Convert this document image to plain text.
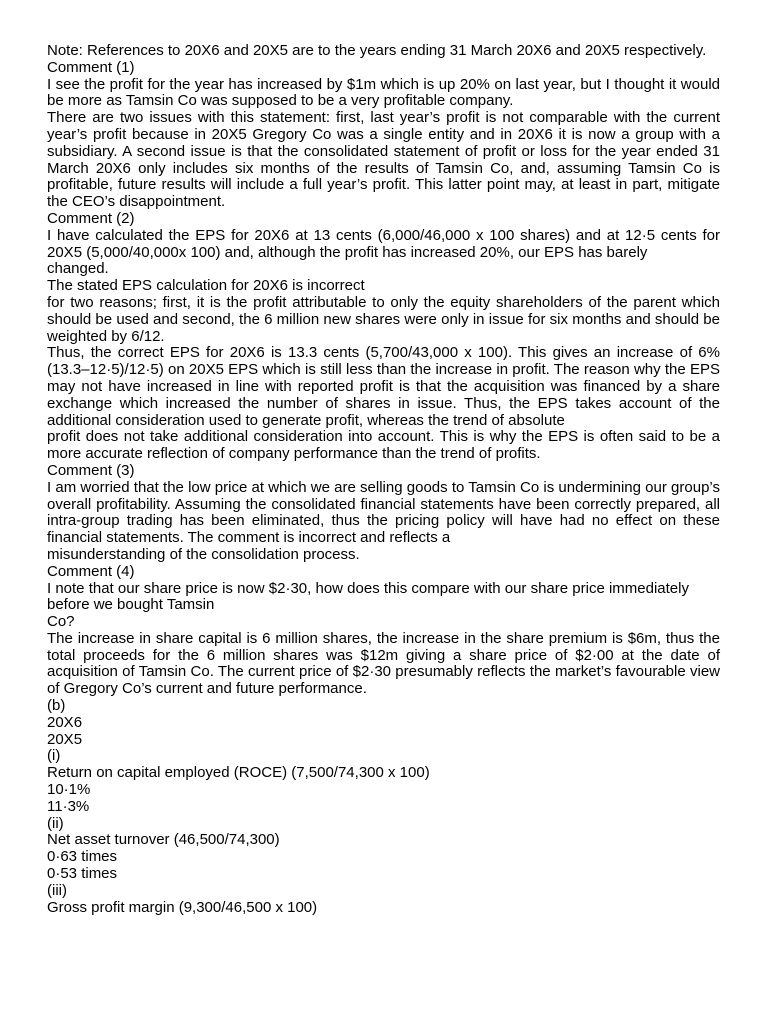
Note: References to 20X6 and 20X5 are to the years ending 31 March 20X6 and 20X5 respectively.

Comment (1)

I see the profit for the year has increased by $1m which is up 20% on last year, but I thought it would be more as Tamsin Co was supposed to be a very profitable company.

There are two issues with this statement: first, last year’s profit is not comparable with the current year’s profit because in 20X5 Gregory Co was a single entity and in 20X6 it is now a group with a subsidiary. A second issue is that the consolidated statement of profit or loss for the year ended 31 March 20X6 only includes six months of the results of Tamsin Co, and, assuming Tamsin Co is profitable, future results will include a full year’s profit. This latter point may, at least in part, mitigate the CEO’s disappointment.

Comment (2)

I have calculated the EPS for 20X6 at 13 cents (6,000/46,000 x 100 shares) and at 12·5 cents for 20X5 (5,000/40,000x 100) and, although the profit has increased 20%, our EPS has barely

changed.

The stated EPS calculation for 20X6 is incorrect

for two reasons; first, it is the profit attributable to only the equity shareholders of the parent which should be used and second, the 6 million new shares were only in issue for six months and should be weighted by 6/12.

Thus, the correct EPS for 20X6 is 13.3 cents (5,700/43,000 x 100). This gives an increase of 6% (13.3–12·5)/12·5) on 20X5 EPS which is still less than the increase in profit. The reason why the EPS may not have increased in line with reported profit is that the acquisition was financed by a share exchange which increased the number of shares in issue. Thus, the EPS takes account of the additional consideration used to generate profit, whereas the trend of absolute

profit does not take additional consideration into account. This is why the EPS is often said to be a more accurate reflection of company performance than the trend of profits.

Comment (3)

I am worried that the low price at which we are selling goods to Tamsin Co is undermining our group’s overall profitability. Assuming the consolidated financial statements have been correctly prepared, all intra-group trading has been eliminated, thus the pricing policy will have had no effect on these financial statements. The comment is incorrect and reflects a

misunderstanding of the consolidation process.

Comment (4)

I note that our share price is now $2·30, how does this compare with our share price immediately before we bought Tamsin

Co?

The increase in share capital is 6 million shares, the increase in the share premium is $6m, thus the total proceeds for the 6 million shares was $12m giving a share price of $2·00 at the date of acquisition of Tamsin Co. The current price of $2·30 presumably reflects the market’s favourable view of Gregory Co’s current and future performance.

(b)

20X6

20X5

(i)

Return on capital employed (ROCE) (7,500/74,300 x 100)

10·1%

11·3%

(ii)

Net asset turnover (46,500/74,300)

0·63 times

0·53 times

(iii)

Gross profit margin (9,300/46,500 x 100)
